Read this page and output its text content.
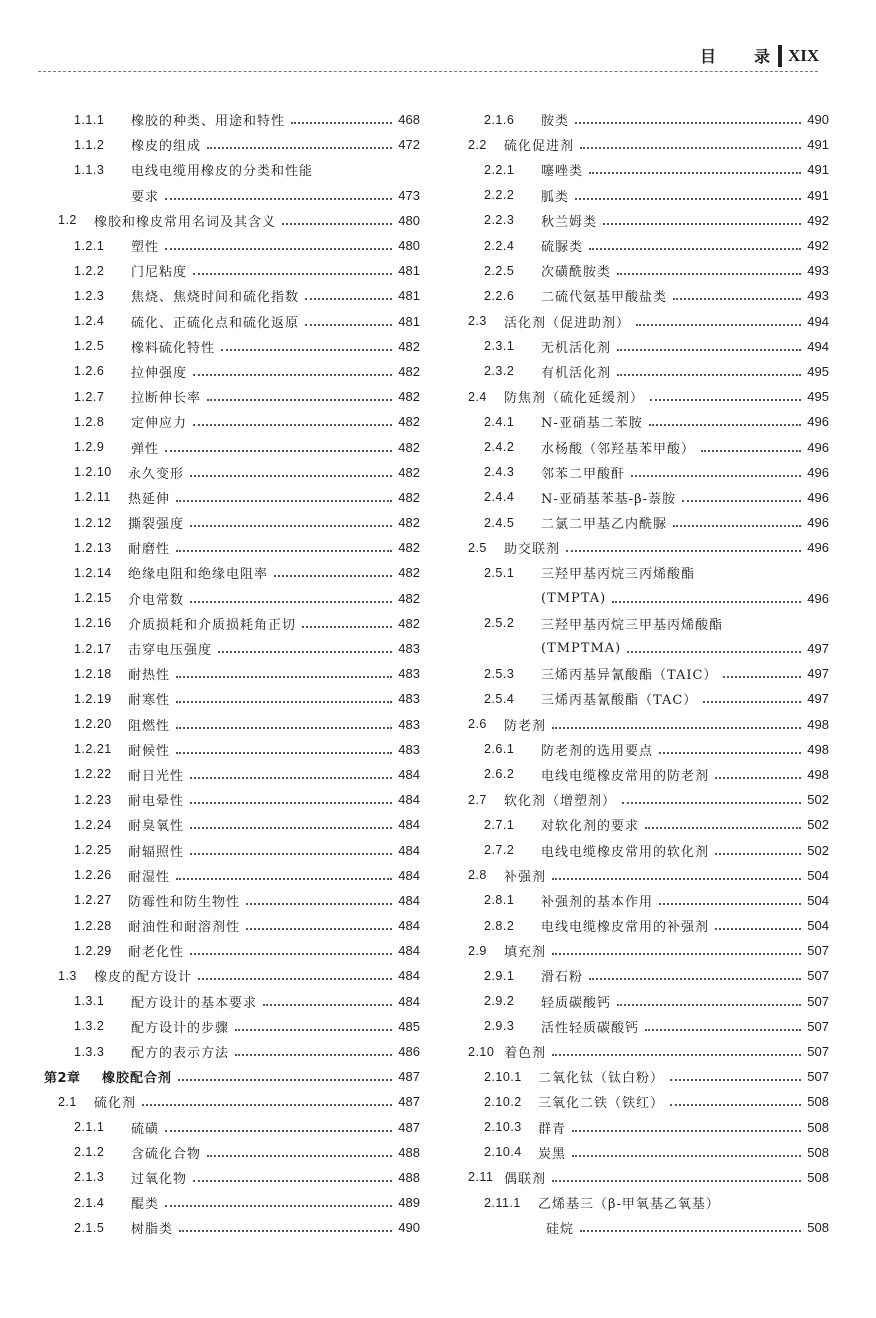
目 录 XIX
1.1.1	橡胶的种类、用途和特性	468
1.1.2	橡皮的组成	472
1.1.3	电线电缆用橡皮的分类和性能
要求	473
1.2	橡胶和橡皮常用名词及其含义	480
1.2.1	塑性	480
1.2.2	门尼粘度	481
1.2.3	焦烧、焦烧时间和硫化指数	481
1.2.4	硫化、正硫化点和硫化返原	481
1.2.5	橡料硫化特性	482
1.2.6	拉伸强度	482
1.2.7	拉断伸长率	482
1.2.8	定伸应力	482
1.2.9	弹性	482
1.2.10	永久变形	482
1.2.11	热延伸	482
1.2.12	撕裂强度	482
1.2.13	耐磨性	482
1.2.14	绝缘电阻和绝缘电阻率	482
1.2.15	介电常数	482
1.2.16	介质损耗和介质损耗角正切	482
1.2.17	击穿电压强度	483
1.2.18	耐热性	483
1.2.19	耐寒性	483
1.2.20	阻燃性	483
1.2.21	耐候性	483
1.2.22	耐日光性	484
1.2.23	耐电晕性	484
1.2.24	耐臭氧性	484
1.2.25	耐辐照性	484
1.2.26	耐湿性	484
1.2.27	防霉性和防生物性	484
1.2.28	耐油性和耐溶剂性	484
1.2.29	耐老化性	484
1.3	橡皮的配方设计	484
1.3.1	配方设计的基本要求	484
1.3.2	配方设计的步骤	485
1.3.3	配方的表示方法	486
第2章	橡胶配合剂	487
2.1	硫化剂	487
2.1.1	硫磺	487
2.1.2	含硫化合物	488
2.1.3	过氧化物	488
2.1.4	醌类	489
2.1.5	树脂类	490
2.1.6	胺类	490
2.2	硫化促进剂	491
2.2.1	噻唑类	491
2.2.2	胍类	491
2.2.3	秋兰姆类	492
2.2.4	硫脲类	492
2.2.5	次磺酰胺类	493
2.2.6	二硫代氨基甲酸盐类	493
2.3	活化剂（促进助剂）	494
2.3.1	无机活化剂	494
2.3.2	有机活化剂	495
2.4	防焦剂（硫化延缓剂）	495
2.4.1	N-亚硝基二苯胺	496
2.4.2	水杨酸（邻羟基苯甲酸）	496
2.4.3	邻苯二甲酸酐	496
2.4.4	N-亚硝基苯基-β-萘胺	496
2.4.5	二氯二甲基乙内酰脲	496
2.5	助交联剂	496
2.5.1	三羟甲基丙烷三丙烯酸酯
(TMPTA)	496
2.5.2	三羟甲基丙烷三甲基丙烯酸酯
(TMPTMA)	497
2.5.3	三烯丙基异氰酸酯（TAIC）	497
2.5.4	三烯丙基氰酸酯（TAC）	497
2.6	防老剂	498
2.6.1	防老剂的选用要点	498
2.6.2	电线电缆橡皮常用的防老剂	498
2.7	软化剂（增塑剂）	502
2.7.1	对软化剂的要求	502
2.7.2	电线电缆橡皮常用的软化剂	502
2.8	补强剂	504
2.8.1	补强剂的基本作用	504
2.8.2	电线电缆橡皮常用的补强剂	504
2.9	填充剂	507
2.9.1	滑石粉	507
2.9.2	轻质碳酸钙	507
2.9.3	活性轻质碳酸钙	507
2.10 着色剂	507
2.10.1	二氧化钛（钛白粉）	507
2.10.2	三氧化二铁（铁红）	508
2.10.3	群青	508
2.10.4	炭黑	508
2.11 偶联剂	508
2.11.1	乙烯基三（β-甲氧基乙氧基）
硅烷	508
